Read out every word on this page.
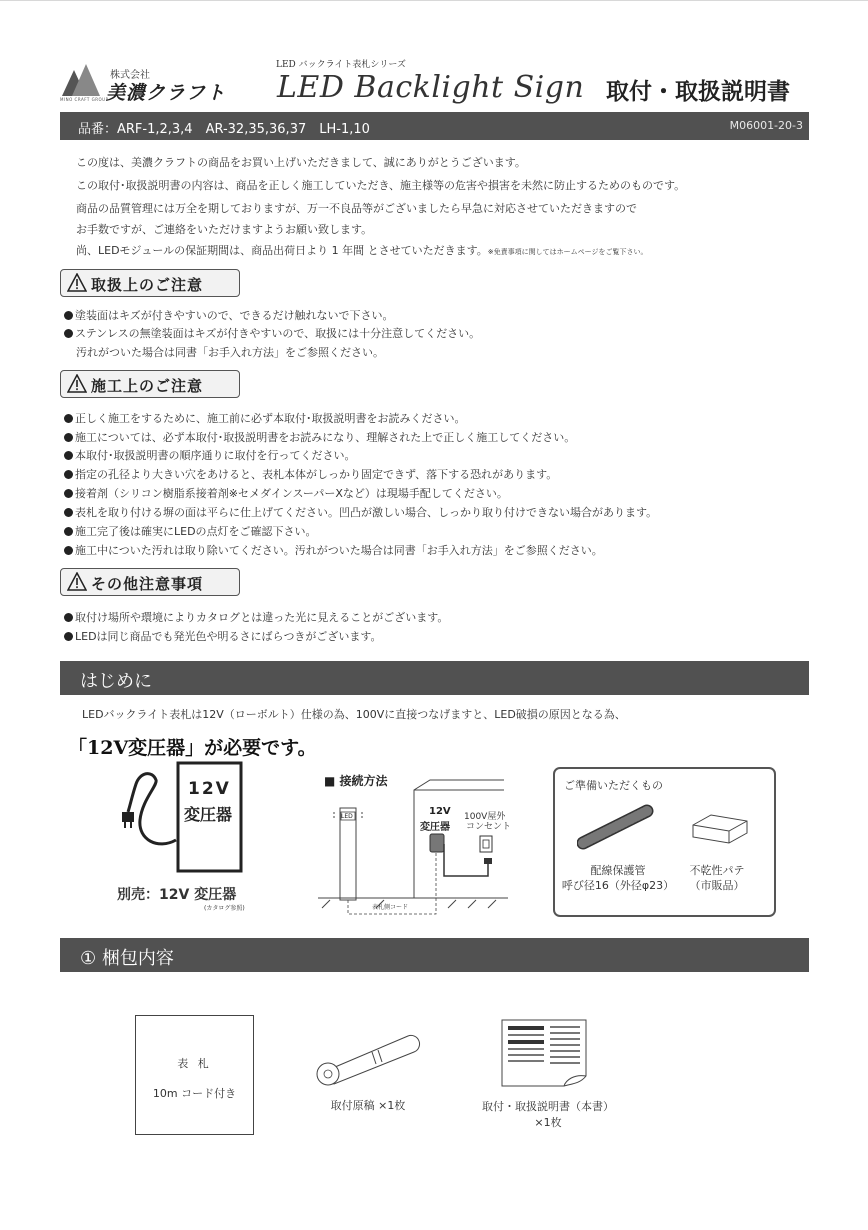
株式会社
美濃クラフト
MINO CRAFT GROUP
LED バックライト表札シリーズ
LED Backlight Sign 取付・取扱説明書
品番：ARF-1,2,3,4　AR-32,35,36,37　LH-1,10	M06001-20-3
この度は、美濃クラフトの商品をお買い上げいただきまして、誠にありがとうございます。
この取付･取扱説明書の内容は、商品を正しく施工していただき、施主様等の危害や損害を未然に防止するためのものです。
商品の品質管理には万全を期しておりますが、万一不良品等がございましたら早急に対応させていただきますので
お手数ですが、ご連絡をいただけますようお願い致します。
尚、LEDモジュールの保証期間は、商品出荷日より 1 年間 とさせていただきます。※免責事項に関してはホームページをご覧下さい。
取扱上のご注意
塗装面はキズが付きやすいので、できるだけ触れないで下さい。
ステンレスの無塗装面はキズが付きやすいので、取扱には十分注意してください。
汚れがついた場合は同書「お手入れ方法」をご参照ください。
施工上のご注意
正しく施工をするために、施工前に必ず本取付･取扱説明書をお読みください。
施工については、必ず本取付･取扱説明書をお読みになり、理解された上で正しく施工してください。
本取付･取扱説明書の順序通りに取付を行ってください。
指定の孔径より大きい穴をあけると、表札本体がしっかり固定できず、落下する恐れがあります。
接着剤（シリコン樹脂系接着剤※セメダインスーパーXなど）は現場手配してください。
表札を取り付ける塀の面は平らに仕上げてください。凹凸が激しい場合、しっかり取り付けできない場合があります。
施工完了後は確実にLEDの点灯をご確認下さい。
施工中についた汚れは取り除いてください。汚れがついた場合は同書「お手入れ方法」をご参照ください。
その他注意事項
取付け場所や環境によりカタログとは違った光に見えることがございます。
LEDは同じ商品でも発光色や明るさにばらつきがございます。
はじめに
LEDバックライト表札は12V（ローボルト）仕様の為、100Vに直接つなげますと、LED破損の原因となる為、
「12V変圧器」が必要です。
12V
変圧器
別売：12V 変圧器
(カタログ参照)
■ 接続方法
LED	12V
変圧器
100V屋外
コンセント
表札側コード
ご準備いただくもの
配線保護管
呼び径16（外径φ23）
不乾性パテ
（市販品）
① 梱包内容
表 札
10m コード付き
取付原稿 ×1枚	取付・取扱説明書（本書）
×1枚
